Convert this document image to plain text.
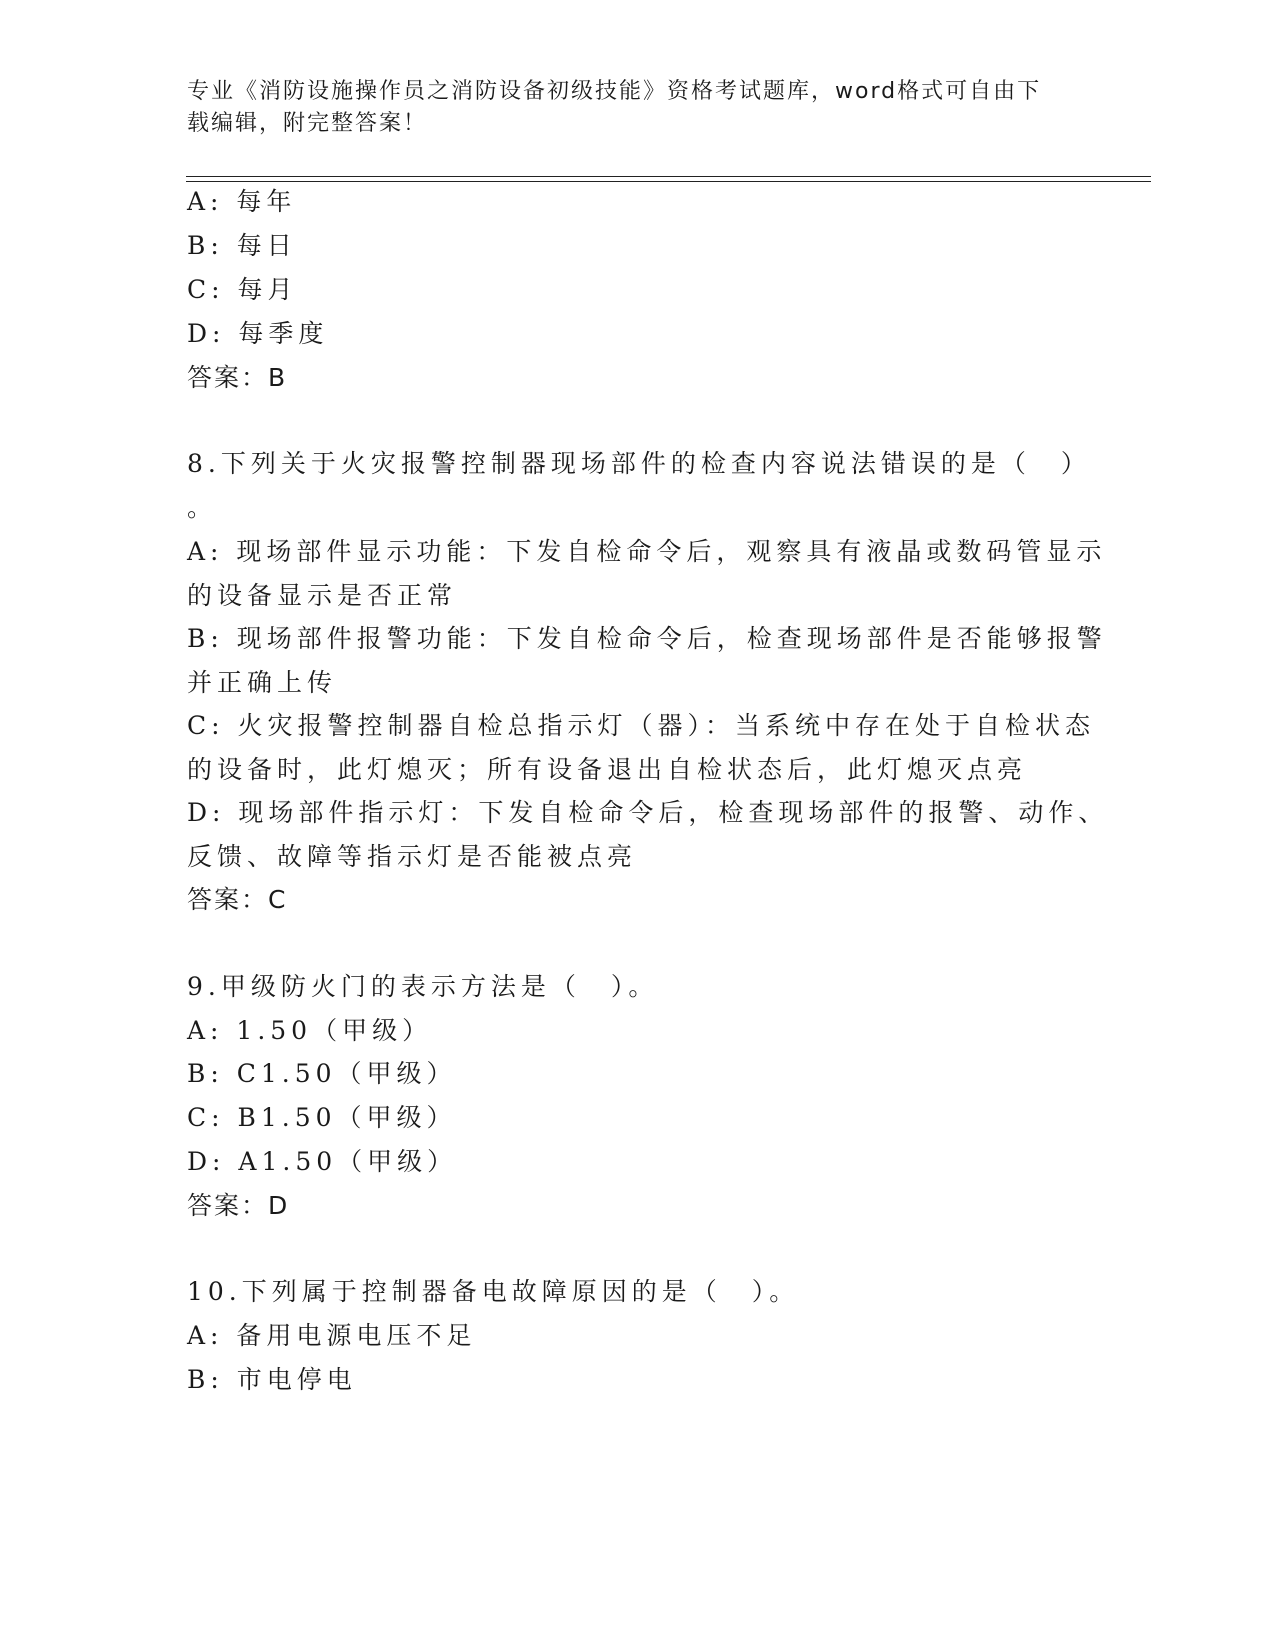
专业《消防设施操作员之消防设备初级技能》资格考试题库，word格式可自由下
载编辑，附完整答案！
A: 每年
B: 每日
C: 每月
D: 每季度
答案：B
8.下列关于火灾报警控制器现场部件的检查内容说法错误的是（　）
。
A: 现场部件显示功能：下发自检命令后，观察具有液晶或数码管显示
的设备显示是否正常
B: 现场部件报警功能：下发自检命令后，检查现场部件是否能够报警
并正确上传
C: 火灾报警控制器自检总指示灯（器）：当系统中存在处于自检状态
的设备时，此灯熄灭；所有设备退出自检状态后，此灯熄灭点亮
D: 现场部件指示灯：下发自检命令后，检查现场部件的报警、动作、
反馈、故障等指示灯是否能被点亮
答案：C
9.甲级防火门的表示方法是（　）。
A: 1.50（甲级）
B: C1.50（甲级）
C: B1.50（甲级）
D: A1.50（甲级）
答案：D
10.下列属于控制器备电故障原因的是（　）。
A: 备用电源电压不足
B: 市电停电
